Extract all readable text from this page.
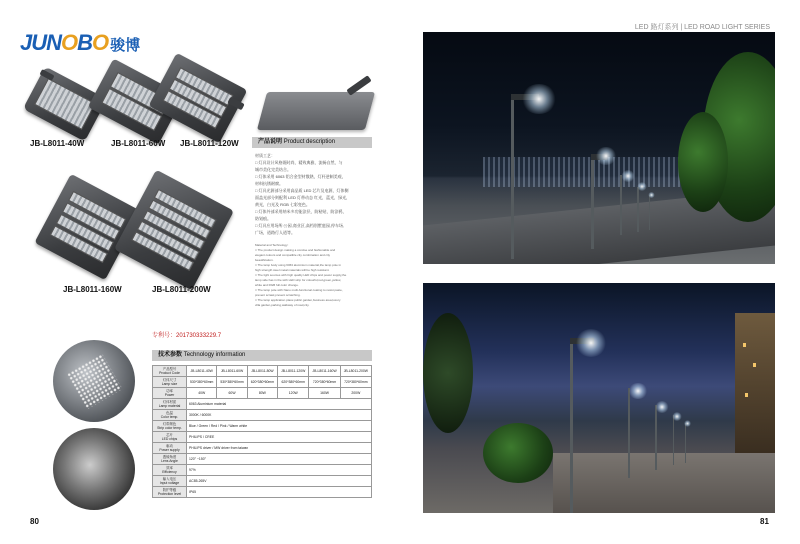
JUNOBO 骏博
JB-L8011-40W	JB-L8011-60W JB-L8011-120W
JB-L8011-160W	JB-L8011-200W
产品说明 Product description

材质工艺：

□ 灯具设计风格既时尚，精致典雅，流畅自然，与

城市美化完美结合。

□ 灯体采用 6063 铝合金型材散熱，灯杆逆制美观，

材料抗锈耐腐。

□ 灯具光源部分采用高品质 LED 芯片及电源，灯体侧

面盖光部分则配利 LED 灯带动态 红光，蓝光，绿光，

黄光，白光及 RGB 七彩变色。

□ 灯体外部采用纳米多功能涂层，防粘贴，防涂鸦，

防划痕。

□ 灯具应用场所:公园,商业区,高档别墅庭园,停车场,

广场，道路行人道等。

Material and Technology:

□ The product design making a concise and fashionable and

elegant colours and compatible city combination and city

beautification.

□ The lamp body using 6063 aluminium material,the lamp pole in

high strength steel metal materials will be high resistant.

□ The light sources with high quality LED chips and power supply,the

lamp side has in the with LED strip for colourful,red,green,yellow,

white and RGB full color change.

□ The lamp pole with Nano multi-functional coating to resist paste,

prevent scrawl,prevent scratching.

□ The lamp application place:public garden,business area,luxury

villa garden,parking,walkway of road,city.

专利号：201730333229.7
技术参数 Technology information
产品型号
Product Code	JB-L8011-40W	JB-L8011-60W	JB-L8011-80W	JB-L8011-120W	JB-L8011-160W	JB-L8011-200W

灯体尺寸
Lamp size	530*380*60mm	530*380*60mm	620*380*60mm	620*380*60mm	720*380*60mm	720*380*60mm

功率
Power	40W	60W	80W	120W	160W	200W

灯体材质
Lamp material	6063 Aluminium material					

色温
Color temp.	3000K / 6000K					

灯带颜色
Strip color temp.	Blue / Green / Red / Pink / Warm white					

芯片
LED chips	PHILIPS / CREE					

驱动
Power supply	PHILIPS driver / MW driver from taiwan					

透镜角度
Lens Angle	120° ~150°					

效率
Efficiency	97%					

输入电压
Input voltage	AC85-265V					

防护等级
Protection level	IP65					
80
LED 路灯系列 | LED ROAD LIGHT SERIES
81
